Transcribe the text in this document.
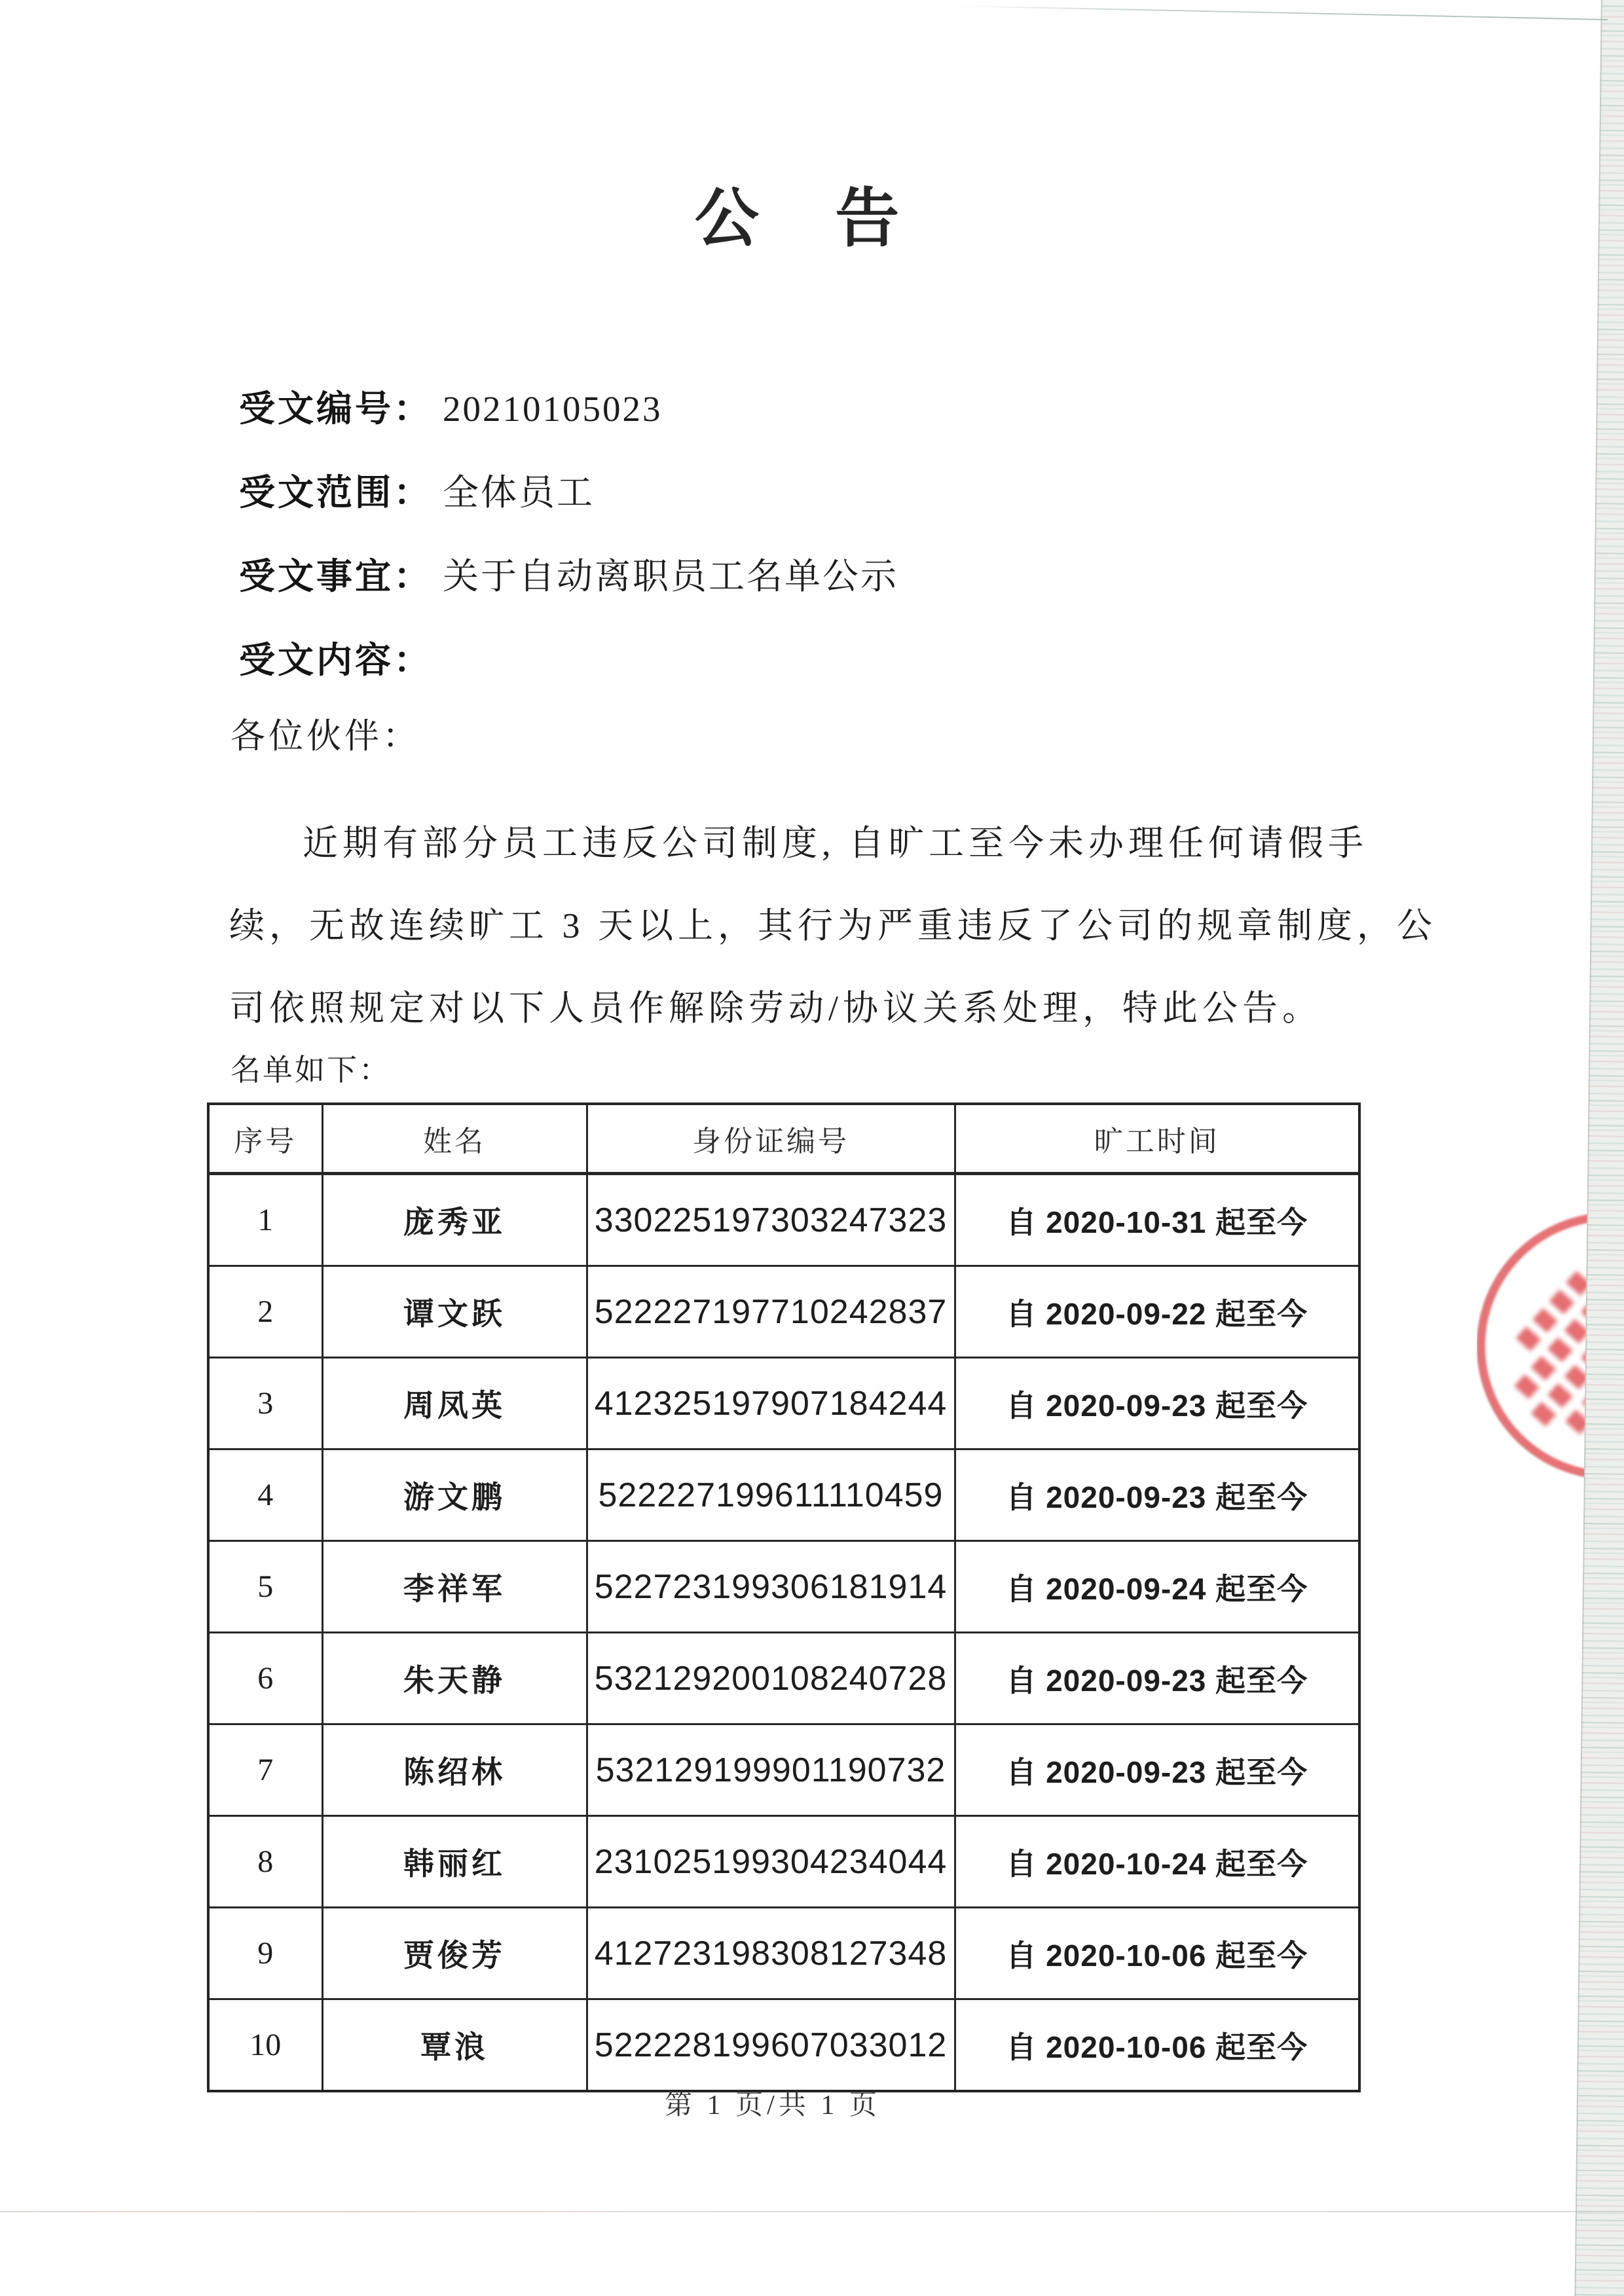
公 告
受文编号： 20210105023
受文范围： 全体员工
受文事宜： 关于自动离职员工名单公示
受文内容：
各位伙伴：
近期有部分员工违反公司制度, 自旷工至今未办理任何请假手
续，无故连续旷工 3 天以上，其行为严重违反了公司的规章制度，公
司依照规定对以下人员作解除劳动/协议关系处理，特此公告。
名单如下：
序号	姓名	身份证编号	旷工时间
1	庞秀亚	330225197303247323	自 2020-10-31 起至今
2	谭文跃	522227197710242837	自 2020-09-22 起至今
3	周凤英	412325197907184244	自 2020-09-23 起至今
4	游文鹏	522227199611110459	自 2020-09-23 起至今
5	李祥军	522723199306181914	自 2020-09-24 起至今
6	朱天静	532129200108240728	自 2020-09-23 起至今
7	陈绍林	532129199901190732	自 2020-09-23 起至今
8	韩丽红	231025199304234044	自 2020-10-24 起至今
9	贾俊芳	412723198308127348	自 2020-10-06 起至今
10	覃浪	522228199607033012	自 2020-10-06 起至今
第 1 页/共 1 页
